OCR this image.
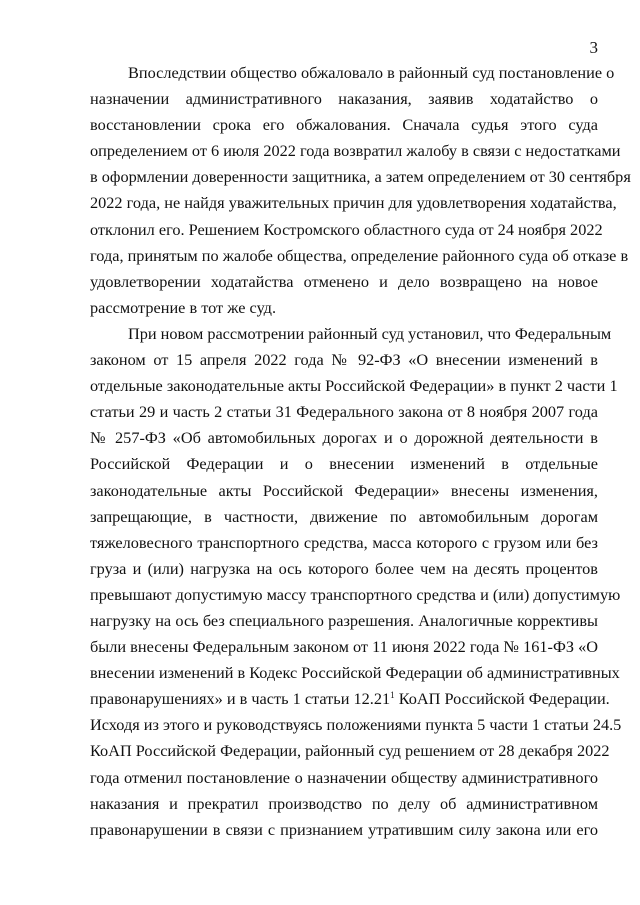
3

Впоследствии общество обжаловало в районный суд постановление о
назначении административного наказания, заявив ходатайство о
восстановлении срока его обжалования. Сначала судья этого суда
определением от 6 июля 2022 года возвратил жалобу в связи с недостатками
в оформлении доверенности защитника, а затем определением от 30 сентября
2022 года, не найдя уважительных причин для удовлетворения ходатайства,
отклонил его. Решением Костромского областного суда от 24 ноября 2022
года, принятым по жалобе общества, определение районного суда об отказе в
удовлетворении ходатайства отменено и дело возвращено на новое
рассмотрение в тот же суд.

При новом рассмотрении районный суд установил, что Федеральным
законом от 15 апреля 2022 года № 92-ФЗ «О внесении изменений в
отдельные законодательные акты Российской Федерации» в пункт 2 части 1
статьи 29 и часть 2 статьи 31 Федерального закона от 8 ноября 2007 года
№ 257-ФЗ «Об автомобильных дорогах и о дорожной деятельности в
Российской Федерации и о внесении изменений в отдельные
законодательные акты Российской Федерации» внесены изменения,
запрещающие, в частности, движение по автомобильным дорогам
тяжеловесного транспортного средства, масса которого с грузом или без
груза и (или) нагрузка на ось которого более чем на десять процентов
превышают допустимую массу транспортного средства и (или) допустимую
нагрузку на ось без специального разрешения. Аналогичные коррективы
были внесены Федеральным законом от 11 июня 2022 года № 161-ФЗ «О
внесении изменений в Кодекс Российской Федерации об административных
правонарушениях» и в часть 1 статьи 12.21$^1$ КоАП Российской Федерации.
Исходя из этого и руководствуясь положениями пункта 5 части 1 статьи 24.5
КоАП Российской Федерации, районный суд решением от 28 декабря 2022
года отменил постановление о назначении обществу административного
наказания и прекратил производство по делу об административном
правонарушении в связи с признанием утратившим силу закона или его
